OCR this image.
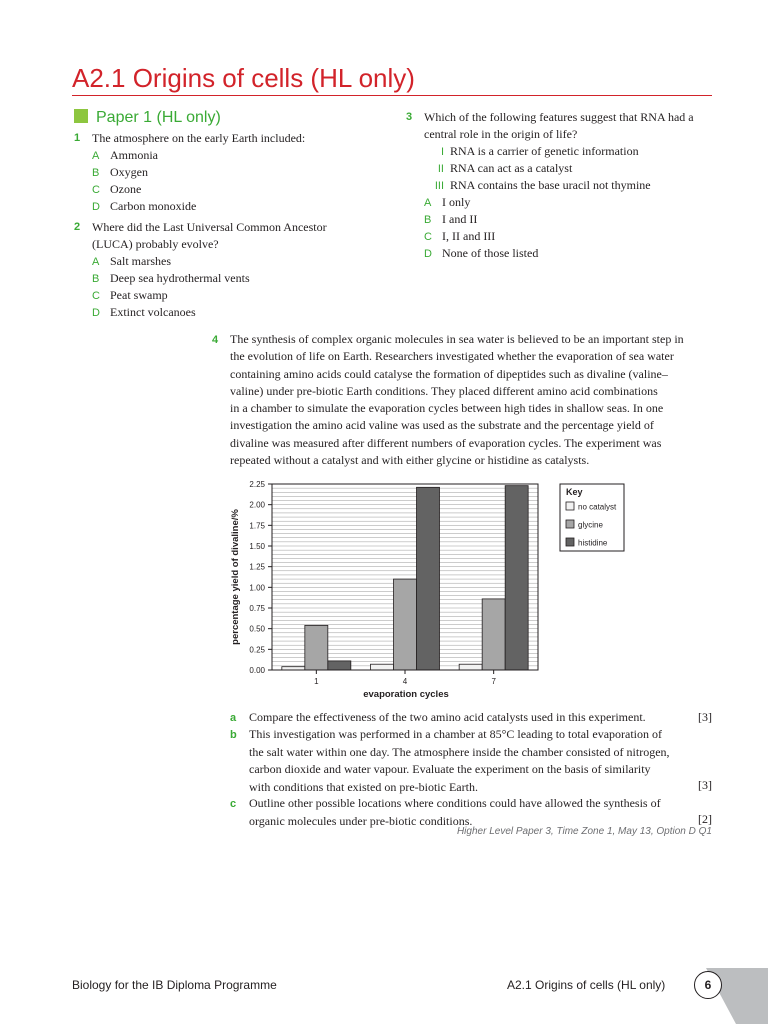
A2.1 Origins of cells (HL only)
Paper 1 (HL only)
1 The atmosphere on the early Earth included:
A Ammonia
B Oxygen
C Ozone
D Carbon monoxide
2 Where did the Last Universal Common Ancestor
(LUCA) probably evolve?
A Salt marshes
B Deep sea hydrothermal vents
C Peat swamp
D Extinct volcanoes
3 Which of the following features suggest that RNA had a
central role in the origin of life?
I RNA is a carrier of genetic information
II RNA can act as a catalyst
III RNA contains the base uracil not thymine
A I only
B I and II
C I, II and III
D None of those listed
4 The synthesis of complex organic molecules in sea water is believed to be an important step in
the evolution of life on Earth. Researchers investigated whether the evaporation of sea water
containing amino acids could catalyse the formation of dipeptides such as divaline (valine–
valine) under pre-biotic Earth conditions. They placed different amino acid combinations
in a chamber to simulate the evaporation cycles between high tides in shallow seas. In one
investigation the amino acid valine was used as the substrate and the percentage yield of
divaline was measured after different numbers of evaporation cycles. The experiment was
repeated without a catalyst and with either glycine or histidine as catalysts.
0.00
0.25
0.50
0.75
1.00
1.25
1.50
1.75
2.00
2.25
1	4	7
evaporation cycles
percentage yield of divaline/%
Key
no catalyst
glycine
histidine
a Compare the effectiveness of the two amino acid catalysts used in this experiment.	[3]
b This investigation was performed in a chamber at 85°C leading to total evaporation of
the salt water within one day. The atmosphere inside the chamber consisted of nitrogen,
carbon dioxide and water vapour. Evaluate the experiment on the basis of similarity
with conditions that existed on pre-biotic Earth.	[3]
c Outline other possible locations where conditions could have allowed the synthesis of
organic molecules under pre-biotic conditions.	[2]
Higher Level Paper 3, Time Zone 1, May 13, Option D Q1
Biology for the IB Diploma Programme	A2.1 Origins of cells (HL only)	6
